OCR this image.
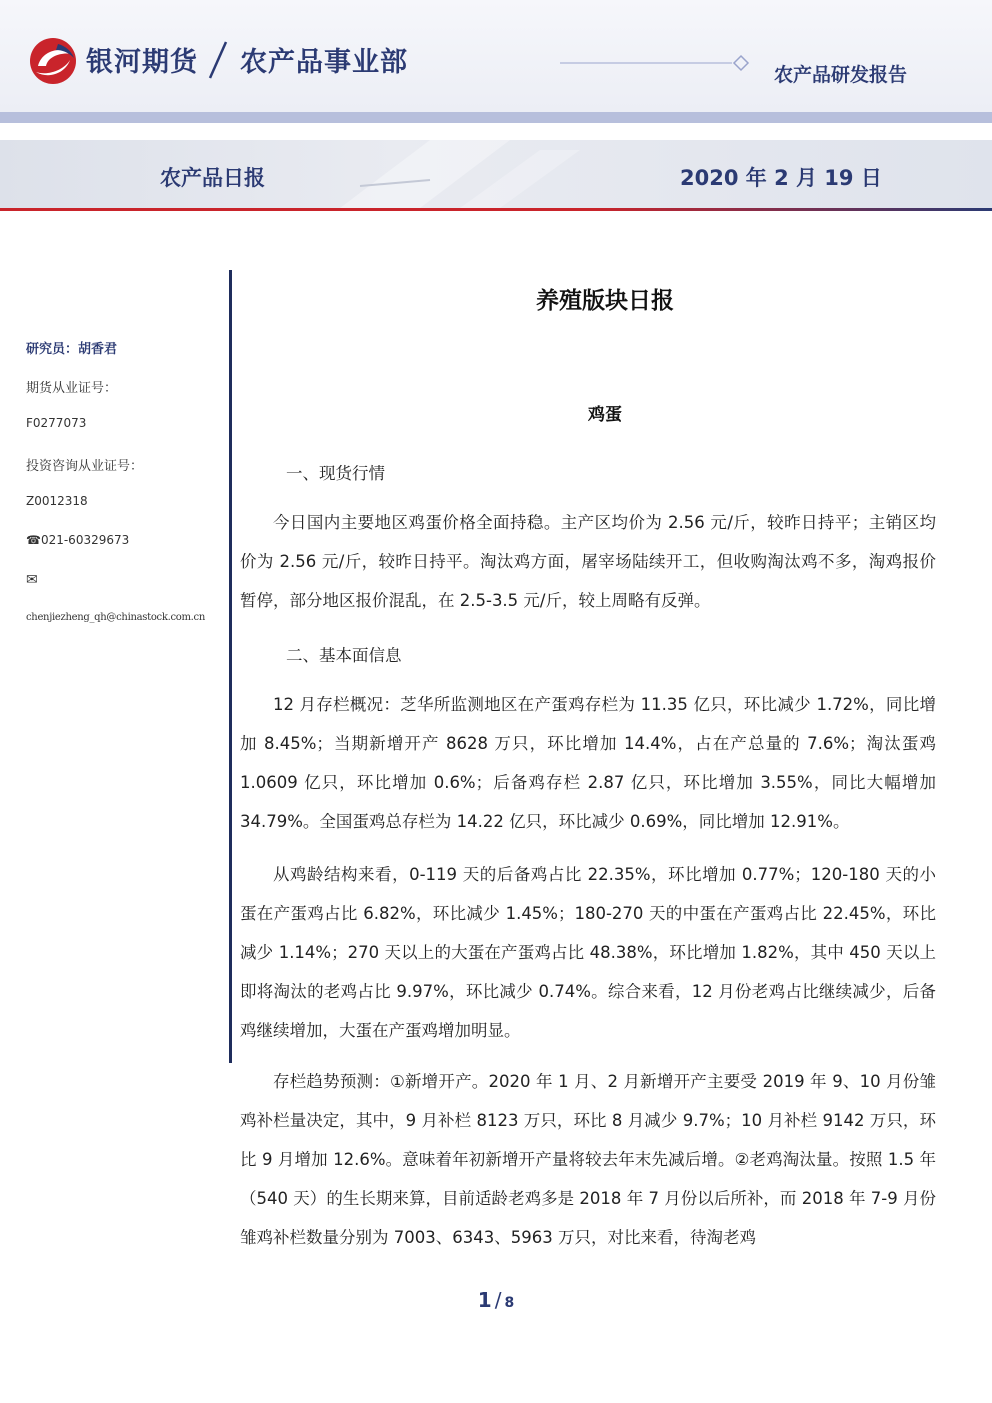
银河期货 农产品事业部	农产品研发报告
农产品日报	2020 年 2 月 19 日
研究员：胡香君
期货从业证号：
F0277073
投资咨询从业证号：
Z0012318
☎021-60329673
✉
chenjiezheng_qh@chinastock.com.cn
养殖版块日报
鸡蛋
一、现货行情

今日国内主要地区鸡蛋价格全面持稳。主产区均价为 2.56 元/斤，较昨日持平；主销区均价为 2.56 元/斤，较昨日持平。淘汰鸡方面，屠宰场陆续开工，但收购淘汰鸡不多，淘鸡报价暂停，部分地区报价混乱，在 2.5-3.5 元/斤，较上周略有反弹。

二、基本面信息

12 月存栏概况：芝华所监测地区在产蛋鸡存栏为 11.35 亿只，环比减少 1.72%，同比增加 8.45%；当期新增开产 8628 万只，环比增加 14.4%，占在产总量的 7.6%；淘汰蛋鸡 1.0609 亿只，环比增加 0.6%；后备鸡存栏 2.87 亿只，环比增加 3.55%，同比大幅增加 34.79%。全国蛋鸡总存栏为 14.22 亿只，环比减少 0.69%，同比增加 12.91%。

从鸡龄结构来看，0-119 天的后备鸡占比 22.35%，环比增加 0.77%；120-180 天的小蛋在产蛋鸡占比 6.82%，环比减少 1.45%；180-270 天的中蛋在产蛋鸡占比 22.45%，环比减少 1.14%；270 天以上的大蛋在产蛋鸡占比 48.38%，环比增加 1.82%，其中 450 天以上即将淘汰的老鸡占比 9.97%，环比减少 0.74%。综合来看，12 月份老鸡占比继续减少，后备鸡继续增加，大蛋在产蛋鸡增加明显。

存栏趋势预测：①新增开产。2020 年 1 月、2 月新增开产主要受 2019 年 9、10 月份雏鸡补栏量决定，其中，9 月补栏 8123 万只，环比 8 月减少 9.7%；10 月补栏 9142 万只，环比 9 月增加 12.6%。意味着年初新增开产量将较去年末先减后增。②老鸡淘汰量。按照 1.5 年（540 天）的生长期来算，目前适龄老鸡多是 2018 年 7 月份以后所补，而 2018 年 7-9 月份雏鸡补栏数量分别为 7003、6343、5963 万只，对比来看，待淘老鸡

1 / 8
